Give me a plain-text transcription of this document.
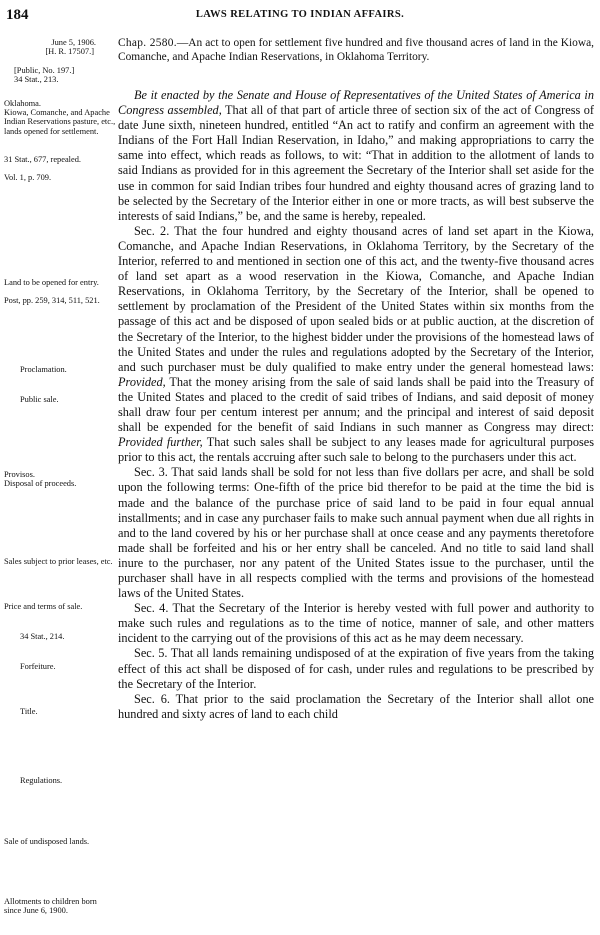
184	LAWS RELATING TO INDIAN AFFAIRS.
June 5, 1906.
[H. R. 17507.]
[Public, No. 197.]
34 Stat., 213.
Oklahoma.
Kiowa, Comanche, and Apache Indian Reservations pasture, etc., lands opened for settlement.
31 Stat., 677, repealed.
Vol. 1, p. 709.
Land to be opened for entry.
Post, pp. 259, 314, 511, 521.
Proclamation.
Public sale.
Provisos.
Disposal of proceeds.
Sales subject to prior leases, etc.
Price and terms of sale.
34 Stat., 214.
Forfeiture.
Title.
Regulations.
Sale of undisposed lands.
Allotments to children born since June 6, 1900.
Chap. 2580.—An act to open for settlement five hundred and five thousand acres of land in the Kiowa, Comanche, and Apache Indian Reservations, in Oklahoma Territory.

Be it enacted by the Senate and House of Representatives of the United States of America in Congress assembled, That all of that part of article three of section six of the act of Congress of date June sixth, nineteen hundred, entitled “An act to ratify and confirm an agreement with the Indians of the Fort Hall Indian Reservation, in Idaho,” and making appropriations to carry the same into effect, which reads as follows, to wit: “That in addition to the allotment of lands to said Indians as provided for in this agreement the Secretary of the Interior shall set aside for the use in common for said Indian tribes four hundred and eighty thousand acres of grazing land to be selected by the Secretary of the Interior either in one or more tracts, as will best subserve the interests of said Indians,” be, and the same is hereby, repealed.

Sec. 2. That the four hundred and eighty thousand acres of land set apart in the Kiowa, Comanche, and Apache Indian Reservations, in Oklahoma Territory, by the Secretary of the Interior, referred to and mentioned in section one of this act, and the twenty-five thousand acres of land set apart as a wood reservation in the Kiowa, Comanche, and Apache Indian Reservations, in Oklahoma Territory, by the Secretary of the Interior, shall be opened to settlement by proclamation of the President of the United States within six months from the passage of this act and be disposed of upon sealed bids or at public auction, at the discretion of the Secretary of the Interior, to the highest bidder under the provisions of the homestead laws of the United States and under the rules and regulations adopted by the Secretary of the Interior, and such purchaser must be duly qualified to make entry under the general homestead laws: Provided, That the money arising from the sale of said lands shall be paid into the Treasury of the United States and placed to the credit of said tribes of Indians, and said deposit of money shall draw four per centum interest per annum; and the principal and interest of said deposit shall be expended for the benefit of said Indians in such manner as Congress may direct: Provided further, That such sales shall be subject to any leases made for agricultural purposes prior to this act, the rentals accruing after such sale to belong to the purchasers under this act.

Sec. 3. That said lands shall be sold for not less than five dollars per acre, and shall be sold upon the following terms: One-fifth of the price bid therefor to be paid at the time the bid is made and the balance of the purchase price of said land to be paid in four equal annual installments; and in case any purchaser fails to make such annual payment when due all rights in and to the land covered by his or her purchase shall at once cease and any payments theretofore made shall be forfeited and his or her entry shall be canceled. And no title to said land shall inure to the purchaser, nor any patent of the United States issue to the purchaser, until the purchaser shall have in all respects complied with the terms and provisions of the homestead laws of the United States.

Sec. 4. That the Secretary of the Interior is hereby vested with full power and authority to make such rules and regulations as to the time of notice, manner of sale, and other matters incident to the carrying out of the provisions of this act as he may deem necessary.

Sec. 5. That all lands remaining undisposed of at the expiration of five years from the taking effect of this act shall be disposed of for cash, under rules and regulations to be prescribed by the Secretary of the Interior.

Sec. 6. That prior to the said proclamation the Secretary of the Interior shall allot one hundred and sixty acres of land to each child
